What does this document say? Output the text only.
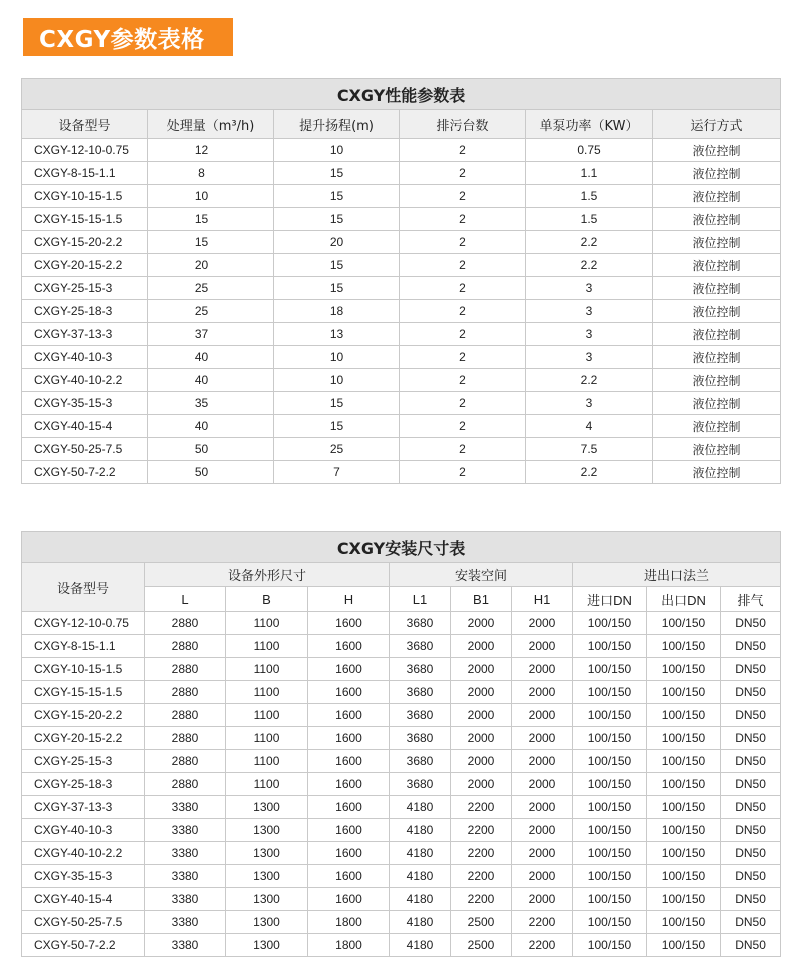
CXGY参数表格
CXGY性能参数表					
设备型号	处理量（m³/h)	提升扬程(m)	排污台数	单泵功率（KW）	运行方式
CXGY-12-10-0.75	12	10	2	0.75	液位控制
CXGY-8-15-1.1	8	15	2	1.1	液位控制
CXGY-10-15-1.5	10	15	2	1.5	液位控制
CXGY-15-15-1.5	15	15	2	1.5	液位控制
CXGY-15-20-2.2	15	20	2	2.2	液位控制
CXGY-20-15-2.2	20	15	2	2.2	液位控制
CXGY-25-15-3	25	15	2	3	液位控制
CXGY-25-18-3	25	18	2	3	液位控制
CXGY-37-13-3	37	13	2	3	液位控制
CXGY-40-10-3	40	10	2	3	液位控制
CXGY-40-10-2.2	40	10	2	2.2	液位控制
CXGY-35-15-3	35	15	2	3	液位控制
CXGY-40-15-4	40	15	2	4	液位控制
CXGY-50-25-7.5	50	25	2	7.5	液位控制
CXGY-50-7-2.2	50	7	2	2.2	液位控制
CXGY安装尺寸表									
设备型号	设备外形尺寸			安装空间			进出口法兰		
	L	B	H	L1	B1	H1	进口DN	出口DN	排气
CXGY-12-10-0.75	2880	1100	1600	3680	2000	2000	100/150	100/150	DN50
CXGY-8-15-1.1	2880	1100	1600	3680	2000	2000	100/150	100/150	DN50
CXGY-10-15-1.5	2880	1100	1600	3680	2000	2000	100/150	100/150	DN50
CXGY-15-15-1.5	2880	1100	1600	3680	2000	2000	100/150	100/150	DN50
CXGY-15-20-2.2	2880	1100	1600	3680	2000	2000	100/150	100/150	DN50
CXGY-20-15-2.2	2880	1100	1600	3680	2000	2000	100/150	100/150	DN50
CXGY-25-15-3	2880	1100	1600	3680	2000	2000	100/150	100/150	DN50
CXGY-25-18-3	2880	1100	1600	3680	2000	2000	100/150	100/150	DN50
CXGY-37-13-3	3380	1300	1600	4180	2200	2000	100/150	100/150	DN50
CXGY-40-10-3	3380	1300	1600	4180	2200	2000	100/150	100/150	DN50
CXGY-40-10-2.2	3380	1300	1600	4180	2200	2000	100/150	100/150	DN50
CXGY-35-15-3	3380	1300	1600	4180	2200	2000	100/150	100/150	DN50
CXGY-40-15-4	3380	1300	1600	4180	2200	2000	100/150	100/150	DN50
CXGY-50-25-7.5	3380	1300	1800	4180	2500	2200	100/150	100/150	DN50
CXGY-50-7-2.2	3380	1300	1800	4180	2500	2200	100/150	100/150	DN50
